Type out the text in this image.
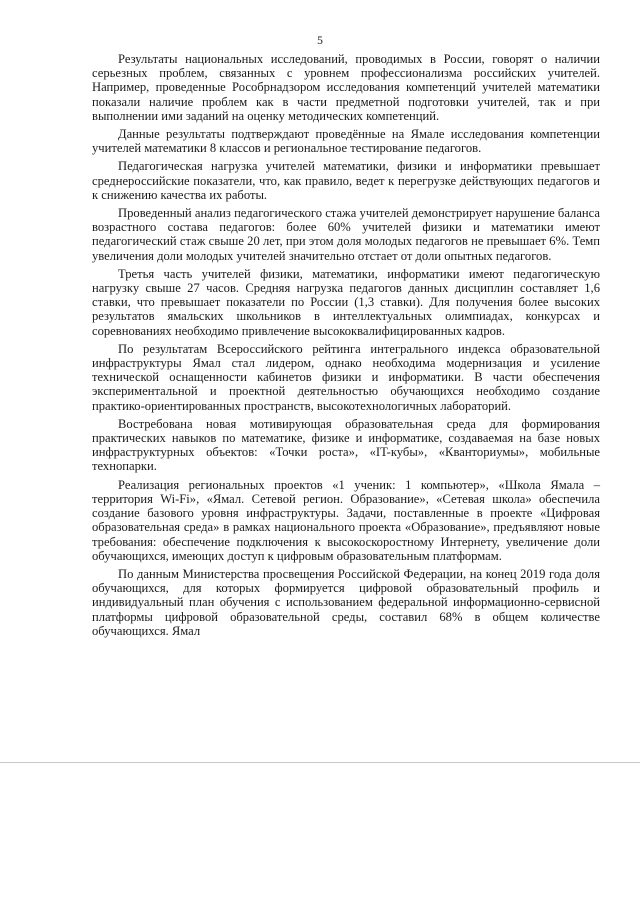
5

Результаты национальных исследований, проводимых в России, говорят о наличии серьезных проблем, связанных с уровнем профессионализма российских учителей. Например, проведенные Рособрнадзором исследования компетенций учителей математики показали наличие проблем как в части предметной подготовки учителей, так и при выполнении ими заданий на оценку методических компетенций.

Данные результаты подтверждают проведённые на Ямале исследования компетенции учителей математики 8 классов и региональное тестирование педагогов.

Педагогическая нагрузка учителей математики, физики и информатики превышает среднероссийские показатели, что, как правило, ведет к перегрузке действующих педагогов и к снижению качества их работы.

Проведенный анализ педагогического стажа учителей демонстрирует нарушение баланса возрастного состава педагогов: более 60% учителей физики и математики имеют педагогический стаж свыше 20 лет, при этом доля молодых педагогов не превышает 6%. Темп увеличения доли молодых учителей значительно отстает от доли опытных педагогов.

Третья часть учителей физики, математики, информатики имеют педагогическую нагрузку свыше 27 часов. Средняя нагрузка педагогов данных дисциплин составляет 1,6 ставки, что превышает показатели по России (1,3 ставки). Для получения более высоких результатов ямальских школьников в интеллектуальных олимпиадах, конкурсах и соревнованиях необходимо привлечение высококвалифицированных кадров.

По результатам Всероссийского рейтинга интегрального индекса образовательной инфраструктуры Ямал стал лидером, однако необходима модернизация и усиление технической оснащенности кабинетов физики и информатики. В части обеспечения экспериментальной и проектной деятельностью обучающихся необходимо создание практико-ориентированных пространств, высокотехнологичных лабораторий.

Востребована новая мотивирующая образовательная среда для формирования практических навыков по математике, физике и информатике, создаваемая на базе новых инфраструктурных объектов: «Точки роста», «IT-кубы», «Кванториумы», мобильные технопарки.

Реализация региональных проектов «1 ученик: 1 компьютер», «Школа Ямала – территория Wi-Fi», «Ямал. Сетевой регион. Образование», «Сетевая школа» обеспечила создание базового уровня инфраструктуры. Задачи, поставленные в проекте «Цифровая образовательная среда» в рамках национального проекта «Образование», предъявляют новые требования: обеспечение подключения к высокоскоростному Интернету, увеличение доли обучающихся, имеющих доступ к цифровым образовательным платформам.

По данным Министерства просвещения Российской Федерации, на конец 2019 года доля обучающихся, для которых формируется цифровой образовательный профиль и индивидуальный план обучения с использованием федеральной информационно-сервисной платформы цифровой образовательной среды, составил 68% в общем количестве обучающихся. Ямал
